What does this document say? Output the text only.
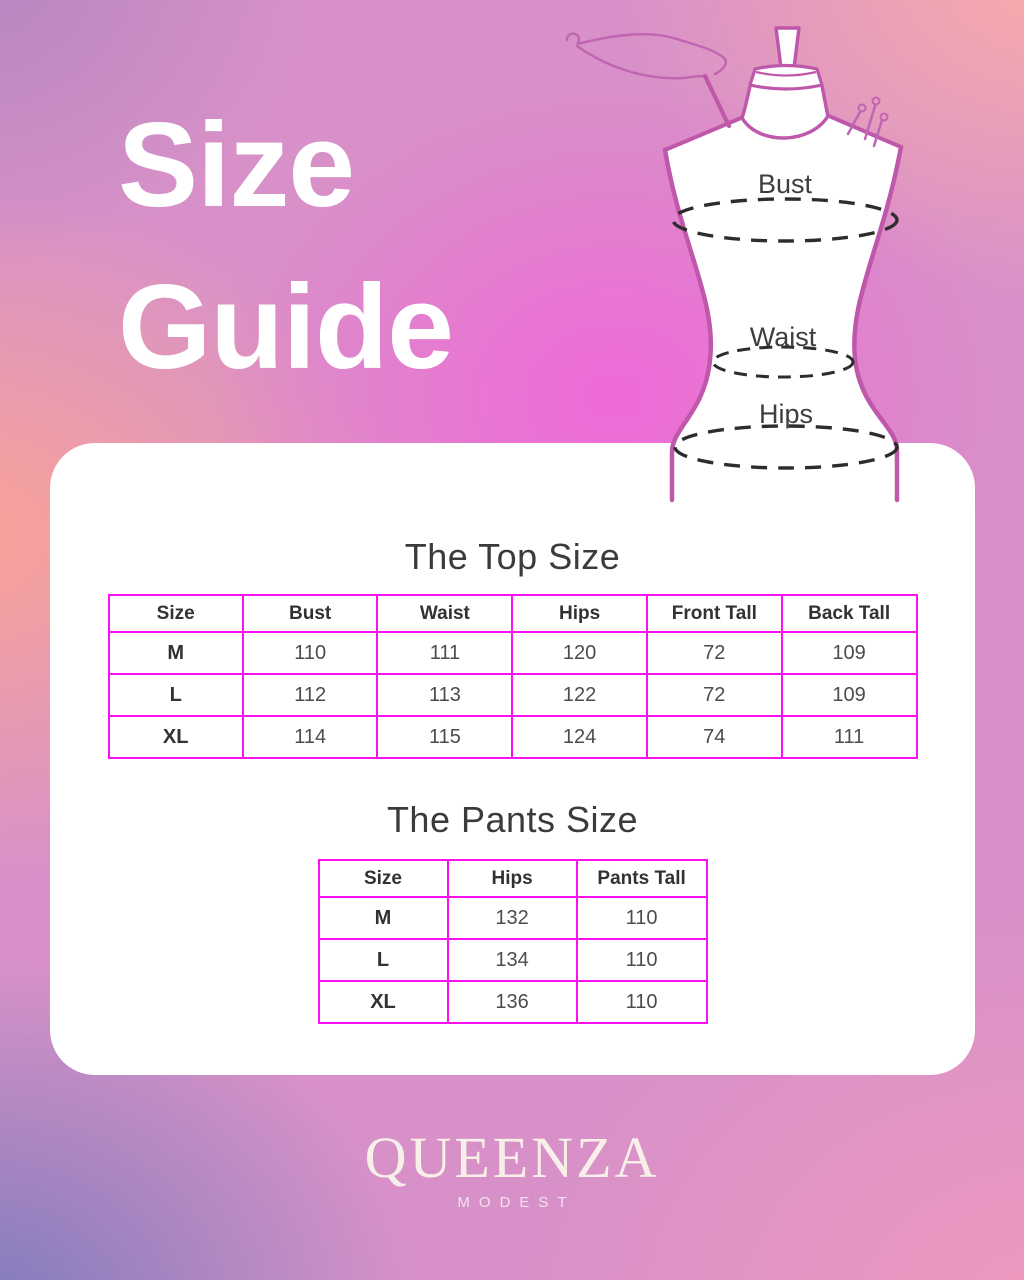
Size
Guide
Bust
Waist
Hips
The Top Size
Size	Bust	Waist	Hips	Front Tall	Back Tall
M	110	111	120	72	109
L	112	113	122	72	109
XL	114	115	124	74	111
The Pants Size
Size	Hips	Pants Tall
M	132	110
L	134	110
XL	136	110
QUEENZA
MODEST
